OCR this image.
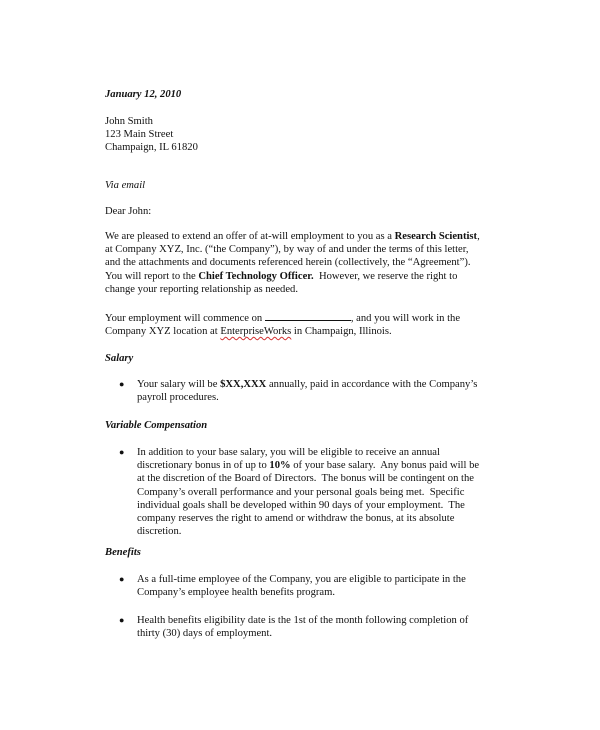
January 12, 2010

John Smith
123 Main Street
Champaign, IL 61820

Via email

Dear John:

We are pleased to extend an offer of at-will employment to you as a Research Scientist,
at Company XYZ, Inc. (“the Company”), by way of and under the terms of this letter,
and the attachments and documents referenced herein (collectively, the “Agreement”).
You will report to the Chief Technology Officer.  However, we reserve the right to
change your reporting relationship as needed.

Your employment will commence on	, and you will work in the
Company XYZ location at EnterpriseWorks in Champaign, Illinois.

Salary

● Your salary will be $XX,XXX annually, paid in accordance with the Company’s
payroll procedures.

Variable Compensation

● In addition to your base salary, you will be eligible to receive an annual
discretionary bonus in of up to 10% of your base salary.  Any bonus paid will be
at the discretion of the Board of Directors.  The bonus will be contingent on the
Company’s overall performance and your personal goals being met.  Specific
individual goals shall be developed within 90 days of your employment.  The
company reserves the right to amend or withdraw the bonus, at its absolute
discretion.

Benefits

● As a full-time employee of the Company, you are eligible to participate in the
Company’s employee health benefits program.

● Health benefits eligibility date is the 1st of the month following completion of
thirty (30) days of employment.
